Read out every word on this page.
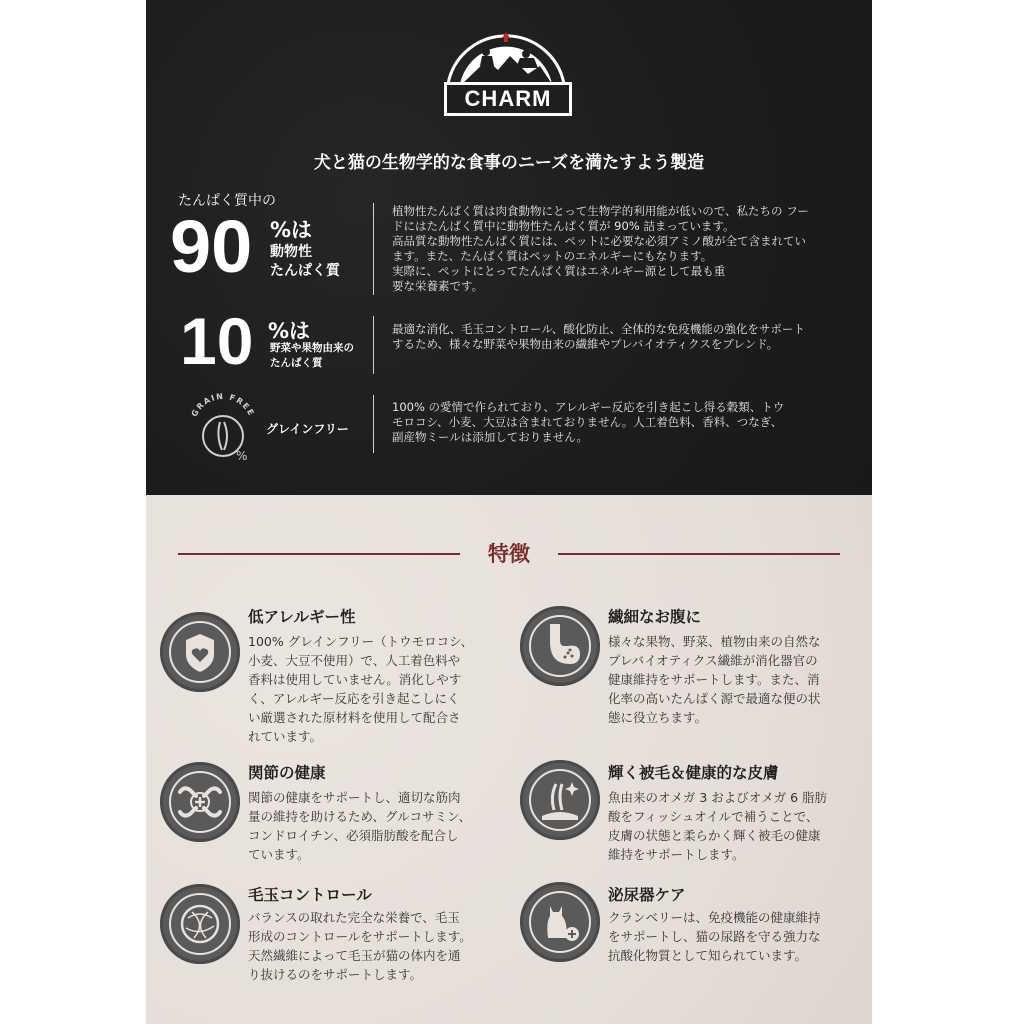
CHARM
犬と猫の生物学的な食事のニーズを満たすよう製造
たんぱく質中の
90 %は
動物性
たんぱく質
植物性たんぱく質は肉食動物にとって生物学的利用能が低いので、私たちの フー
ドにはたんぱく質中に動物性たんぱく質が 90% 詰まっています。
高品質な動物性たんぱく質には、ペットに必要な必須アミノ酸が全て含まれてい
ます。また、たんぱく質はペットのエネルギーにもなります。
実際に、ペットにとってたんぱく質はエネルギー源として最も重
要な栄養素です。
10 %は
野菜や果物由来の
たんぱく質
最適な消化、毛玉コントロール、酸化防止、全体的な免疫機能の強化をサポート
するため、様々な野菜や果物由来の繊維やプレバイオティクスをブレンド。
GRAIN FREE
%
グレインフリー
100% の愛情で作られており、アレルギー反応を引き起こし得る穀類、トウ
モロコシ、小麦、大豆は含まれておりません。人工着色料、香料、つなぎ、
副産物ミールは添加しておりません。
特徴
低アレルギー性
100% グレインフリー（トウモロコシ、
小麦、大豆不使用）で、人工着色料や
香料は使用していません。消化しやす
く、アレルギー反応を引き起こしにく
い厳選された原材料を使用して配合さ
れています。
繊細なお腹に
様々な果物、野菜、植物由来の自然な
プレバイオティクス繊維が消化器官の
健康維持をサポートします。また、消
化率の高いたんぱく源で最適な便の状
態に役立ちます。
関節の健康
関節の健康をサポートし、適切な筋肉
量の維持を助けるため、グルコサミン、
コンドロイチン、必須脂肪酸を配合し
ています。
輝く被毛＆健康的な皮膚
魚由来のオメガ 3 およびオメガ 6 脂肪
酸をフィッシュオイルで補うことで、
皮膚の状態と柔らかく輝く被毛の健康
維持をサポートします。
毛玉コントロール
バランスの取れた完全な栄養で、毛玉
形成のコントロールをサポートします。
天然繊維によって毛玉が猫の体内を通
り抜けるのをサポートします。
泌尿器ケア
クランベリーは、免疫機能の健康維持
をサポートし、猫の尿路を守る強力な
抗酸化物質として知られています。
